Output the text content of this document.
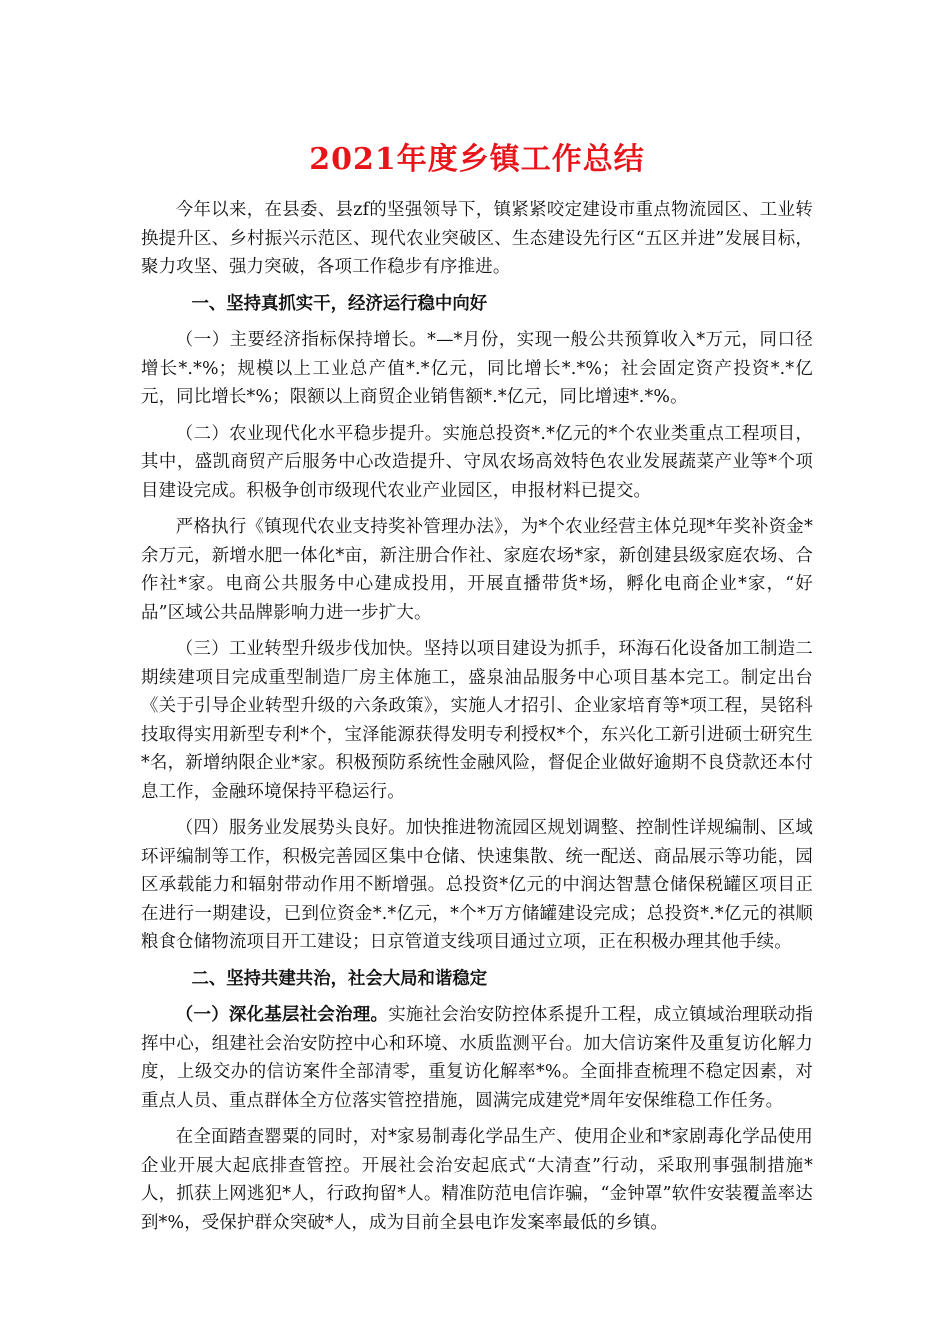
2021年度乡镇工作总结

今年以来，在县委、县zf的坚强领导下，镇紧紧咬定建设市重点物流园区、工业转换提升区、乡村振兴示范区、现代农业突破区、生态建设先行区“五区并进”发展目标，聚力攻坚、强力突破，各项工作稳步有序推进。

一、坚持真抓实干，经济运行稳中向好

（一）主要经济指标保持增长。*—*月份，实现一般公共预算收入*万元，同口径增长*.*%；规模以上工业总产值*.*亿元，同比增长*.*%；社会固定资产投资*.*亿元，同比增长*%；限额以上商贸企业销售额*.*亿元，同比增速*.*%。

（二）农业现代化水平稳步提升。实施总投资*.*亿元的*个农业类重点工程项目，其中，盛凯商贸产后服务中心改造提升、守凤农场高效特色农业发展蔬菜产业等*个项目建设完成。积极争创市级现代农业产业园区，申报材料已提交。

严格执行《镇现代农业支持奖补管理办法》，为*个农业经营主体兑现*年奖补资金*余万元，新增水肥一体化*亩，新注册合作社、家庭农场*家，新创建县级家庭农场、合作社*家。电商公共服务中心建成投用，开展直播带货*场，孵化电商企业*家，“好品”区域公共品牌影响力进一步扩大。

（三）工业转型升级步伐加快。坚持以项目建设为抓手，环海石化设备加工制造二期续建项目完成重型制造厂房主体施工，盛泉油品服务中心项目基本完工。制定出台《关于引导企业转型升级的六条政策》，实施人才招引、企业家培育等*项工程，昊铭科技取得实用新型专利*个，宝泽能源获得发明专利授权*个，东兴化工新引进硕士研究生*名，新增纳限企业*家。积极预防系统性金融风险，督促企业做好逾期不良贷款还本付息工作，金融环境保持平稳运行。

（四）服务业发展势头良好。加快推进物流园区规划调整、控制性详规编制、区域环评编制等工作，积极完善园区集中仓储、快速集散、统一配送、商品展示等功能，园区承载能力和辐射带动作用不断增强。总投资*亿元的中润达智慧仓储保税罐区项目正在进行一期建设，已到位资金*.*亿元，*个*万方储罐建设完成；总投资*.*亿元的祺顺粮食仓储物流项目开工建设；日京管道支线项目通过立项，正在积极办理其他手续。

二、坚持共建共治，社会大局和谐稳定

（一）深化基层社会治理。实施社会治安防控体系提升工程，成立镇域治理联动指挥中心，组建社会治安防控中心和环境、水质监测平台。加大信访案件及重复访化解力度，上级交办的信访案件全部清零，重复访化解率*%。全面排查梳理不稳定因素，对重点人员、重点群体全方位落实管控措施，圆满完成建党*周年安保维稳工作任务。

在全面踏查罂粟的同时，对*家易制毒化学品生产、使用企业和*家剧毒化学品使用企业开展大起底排查管控。开展社会治安起底式“大清查”行动，采取刑事强制措施*人，抓获上网逃犯*人，行政拘留*人。精准防范电信诈骗，“金钟罩”软件安装覆盖率达到*%，受保护群众突破*人，成为目前全县电诈发案率最低的乡镇。
